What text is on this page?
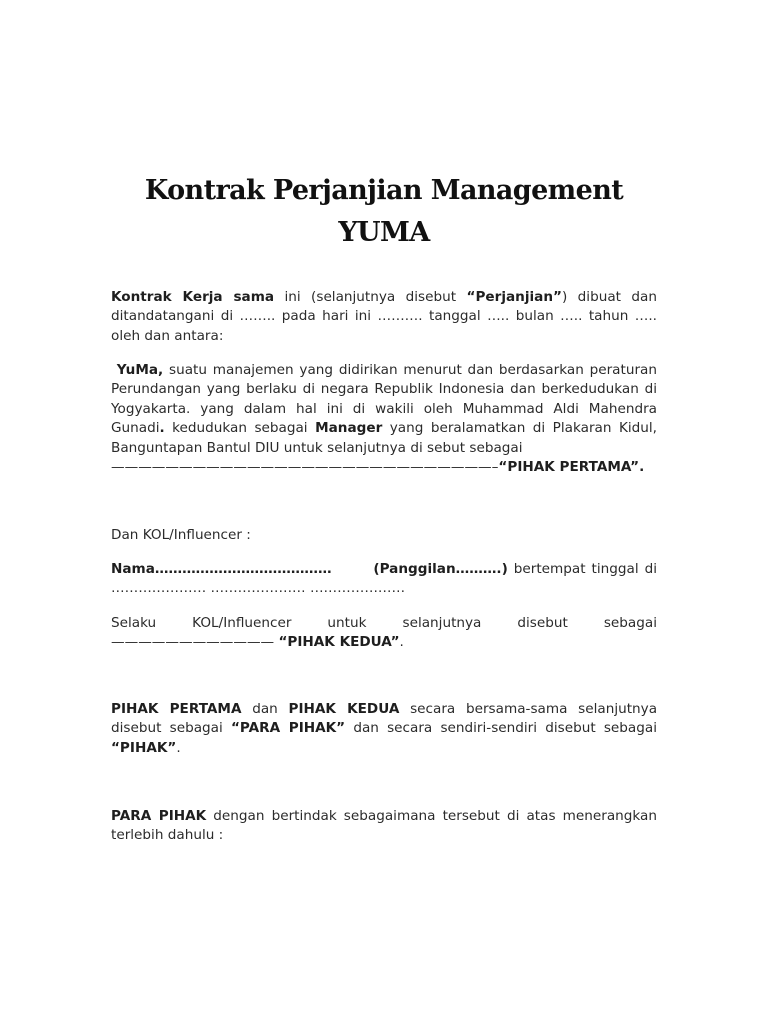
Kontrak Perjanjian Management
YUMA

Kontrak Kerja sama ini (selanjutnya disebut “Perjanjian”) dibuat dan ditandatangani di …….. pada hari ini ………. tanggal ….. bulan ….. tahun ….. oleh dan antara:

YuMa, suatu manajemen yang didirikan menurut dan berdasarkan peraturan Perundangan yang berlaku di negara Republik Indonesia dan berkedudukan di Yogyakarta. yang dalam hal ini di wakili oleh Muhammad Aldi Mahendra Gunadi. kedudukan sebagai Manager yang beralamatkan di Plakaran Kidul, Banguntapan Bantul DIU untuk selanjutnya di sebut sebagai
————————————————————————————–“PIHAK PERTAMA”.

Dan KOL/Influencer :

Nama…………………………………	(Panggilan……….) bertempat tinggal di ………………… ………………… …………………

Selaku KOL/Influencer untuk selanjutnya disebut sebagai
———————————— “PIHAK KEDUA”.

PIHAK PERTAMA dan PIHAK KEDUA secara bersama-sama selanjutnya disebut sebagai “PARA PIHAK” dan secara sendiri-sendiri disebut sebagai “PIHAK”.

PARA PIHAK dengan bertindak sebagaimana tersebut di atas menerangkan terlebih dahulu :
